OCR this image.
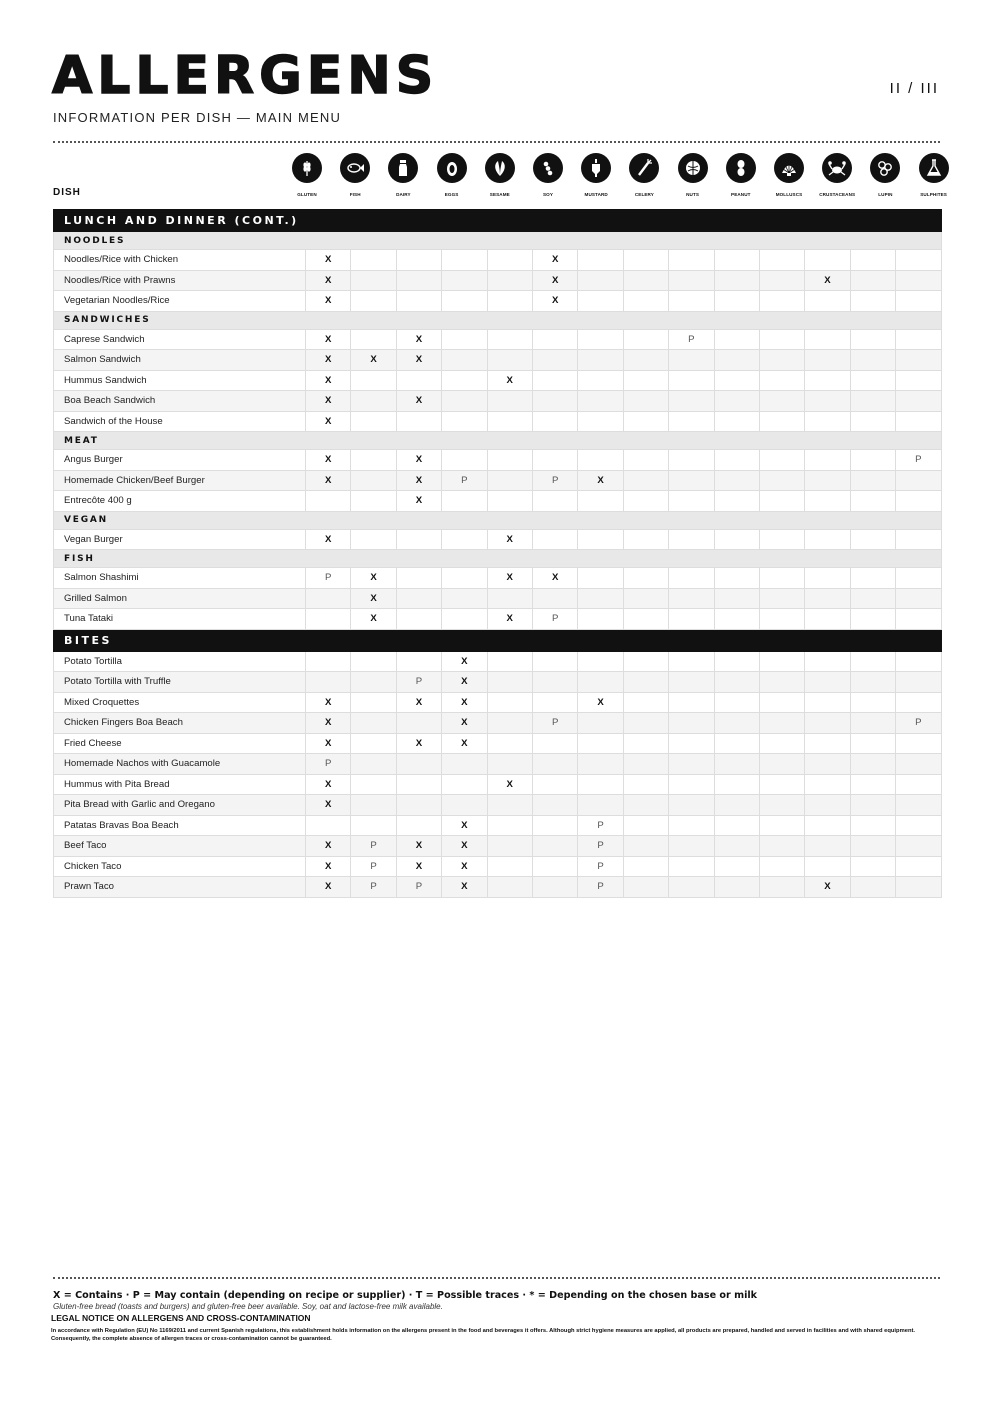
ALLERGENS	II / III
INFORMATION PER DISH — MAIN MENU
DISH	GLUTEN	FISH	DAIRY	EGGS	SESAME	SOY	MUSTARD	CELERY	NUTS	PEANUT	MOLLUSCS	CRUSTACEANS	LUPIN	SULPHITES
LUNCH AND DINNER (CONT.)														
NOODLES														
Noodles/Rice with Chicken	X					X								
Noodles/Rice with Prawns	X					X						X		
Vegetarian Noodles/Rice	X					X								
SANDWICHES														
Caprese Sandwich	X		X						P					
Salmon Sandwich	X	X	X											
Hummus Sandwich	X				X									
Boa Beach Sandwich	X		X											
Sandwich of the House	X													
MEAT														
Angus Burger	X		X											P
Homemade Chicken/Beef Burger	X		X	P		P	X							
Entrecôte 400 g			X											
VEGAN														
Vegan Burger	X				X									
FISH														
Salmon Shashimi	P	X			X	X								
Grilled Salmon		X												
Tuna Tataki		X			X	P								
BITES														
Potato Tortilla				X										
Potato Tortilla with Truffle			P	X										
Mixed Croquettes	X		X	X			X							
Chicken Fingers Boa Beach	X			X		P								P
Fried Cheese	X		X	X										
Homemade Nachos with Guacamole	P													
Hummus with Pita Bread	X				X									
Pita Bread with Garlic and Oregano	X													
Patatas Bravas Boa Beach				X			P							
Beef Taco	X	P	X	X			P							
Chicken Taco	X	P	X	X			P							
Prawn Taco	X	P	P	X			P					X		
X = Contains · P = May contain (depending on recipe or supplier) · T = Possible traces · * = Depending on the chosen base or milk
Gluten-free bread (toasts and burgers) and gluten-free beer available. Soy, oat and lactose-free milk available.
LEGAL NOTICE ON ALLERGENS AND CROSS-CONTAMINATION
In accordance with Regulation (EU) No 1169/2011 and current Spanish regulations, this establishment holds information on the allergens present in the food and beverages it offers. Although strict hygiene measures are applied, all products are prepared, handled and served in facilities and with shared equipment. Consequently, the complete absence of allergen traces or cross-contamination cannot be guaranteed.
